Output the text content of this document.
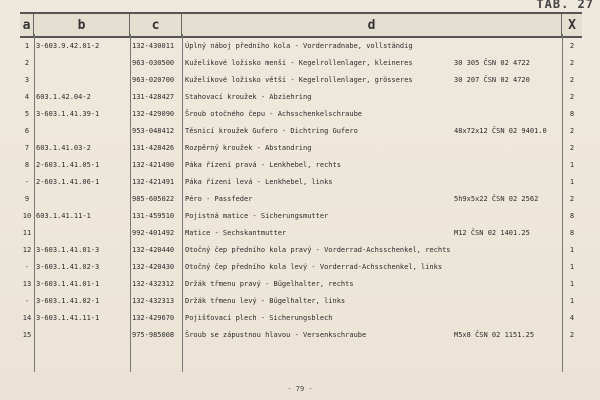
TAB. 27
a	b	c	d	X
1 3-603.9.42.01-2	132-430011	Úplný náboj předního kola - Vorderradnabe, vollständig	2
2	963-030500	Kuželíkové ložisko menší - Kegelrollenlager, kleineres	30 305 ČSN 02 4722	2
3	963-020700	Kuželíkové ložisko větší - Kegelrollenlager, grösseres	30 207 ČSN 02 4720	2
4 603.1.42.04-2	131-428427	Stahovací kroužek - Abziehring	2
5 3-603.1.41.39-1	132-429090	Šroub otočného čepu - Achsschenkelschraube	8
6	953-048412	Těsnicí kroužek Gufero - Dichtring Gufero	48x72x12 ČSN 02 9401.0	2
7 603.1.41.03-2	131-428426	Rozpěrný kroužek - Abstandring	2
8 2-603.1.41.05-1	132-421490	Páka řízení pravá - Lenkhebel, rechts	1
- 2-603.1.41.06-1	132-421491	Páka řízení levá - Lenkhebel, links	1
9	985-605022	Péro - Passfeder	5h9x5x22 ČSN 02 2562	2
10 603.1.41.11-1	131-459510	Pojistná matice - Sicherungsmutter	8
11	992-401492	Matice - Sechskantmutter	M12 ČSN 02 1401.25	8
12 3-603.1.41.01-3	132-420440	Otočný čep předního kola pravý - Vorderrad-Achsschenkel, rechts	1
- 3-603.1.41.02-3	132-420430	Otočný čep předního kola levý - Vorderrad-Achsschenkel, links	1
13 3-603.1.41.01-1	132-432312	Držák třmenu pravý - Bügelhalter, rechts	1
- 3-603.1.41.02-1	132-432313	Držák třmenu levý - Bügelhalter, links	1
14 3-603.1.41.11-1	132-429670	Pojišťovací plech - Sicherungsblech	4
15	975-985008	Šroub se zápustnou hlavou - Versenkschraube	M5x8 ČSN 02 1151.25	2
- 79 -
